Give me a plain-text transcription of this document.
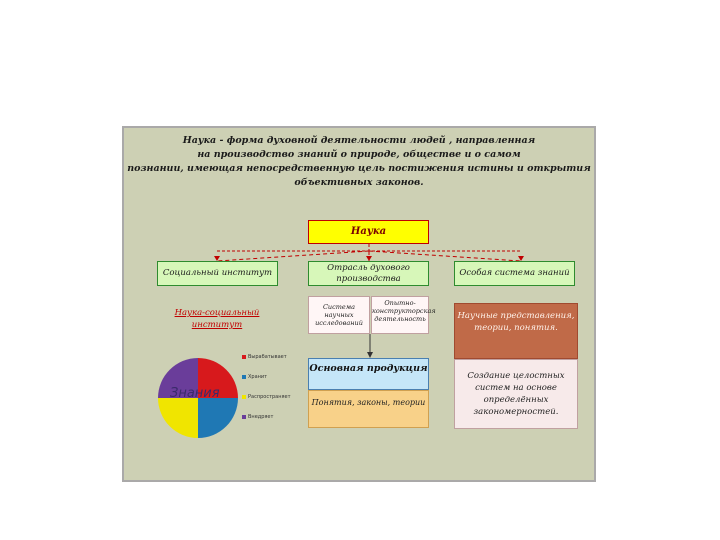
Наука - форма духовной деятельности людей , направленная
на производство знаний о природе, обществе и о самом
познании, имеющая непосредственную цель постижения истины и открытия
объективных законов.
Наука
Социальный институт	Отрасль духового производства
Особая система знаний
Наука-социальный институт
Система научных исследований
Опытно-конструкторская деятельность
Основная продукция
Понятия, законы, теории
Научные представления, теории, понятия.
Создание целостных систем на основе определённых закономерностей.
Знания
Вырабатывает
Хранит
Распространяет
Внедряет
